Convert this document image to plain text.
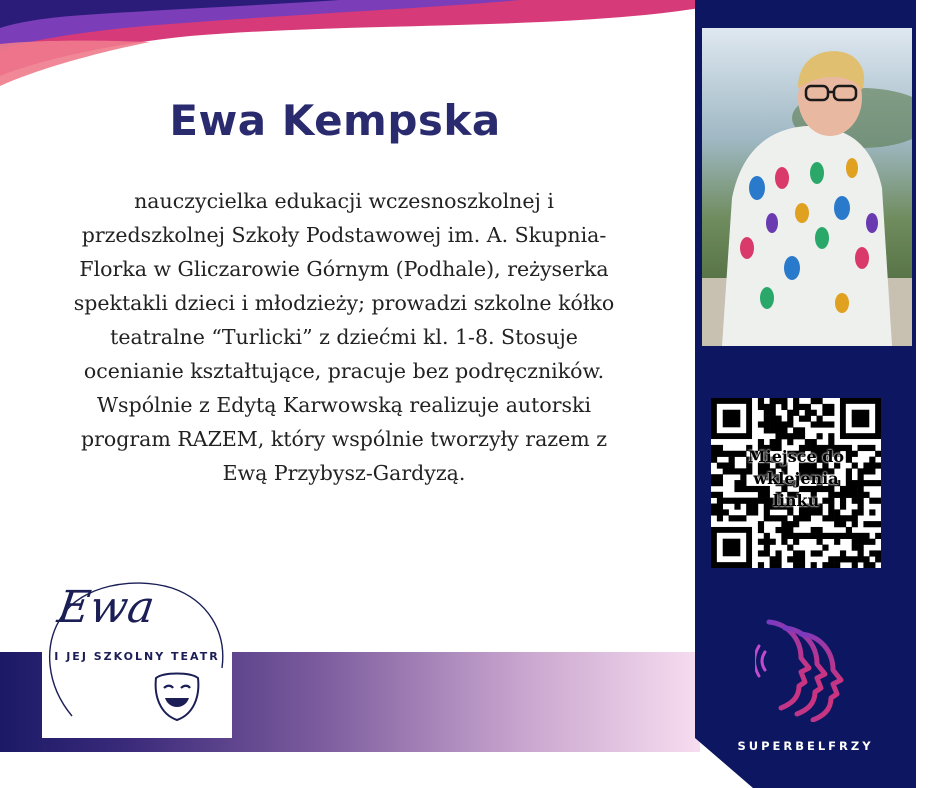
Ewa Kempska
nauczycielka edukacji wczesnoszkolnej i
przedszkolnej Szkoły Podstawowej im. A. Skupnia-
Florka w Gliczarowie Górnym (Podhale), reżyserka
spektakli dzieci i młodzieży; prowadzi szkolne kółko
teatralne “Turlicki” z dziećmi kl. 1-8. Stosuje
ocenianie kształtujące, pracuje bez podręczników.
Wspólnie z Edytą Karwowską realizuje autorski
program RAZEM, który wspólnie tworzyły razem z
Ewą Przybysz-Gardyzą.
Ewa
I JEJ SZKOLNY TEATR
Miejsce do
wklejenia
linku
SUPERBELFRZY
